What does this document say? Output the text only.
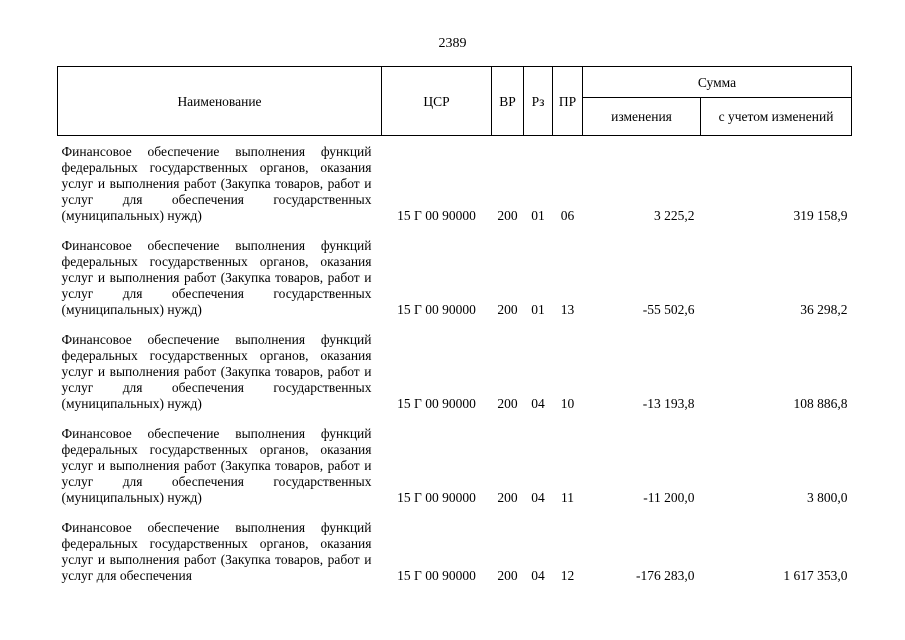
2389
Наименование	ЦСР	ВР	Рз	ПР	Сумма	
					изменения	с учетом изменений

Финансовое обеспечение выполнения функций федеральных государственных органов, оказания услуг и выполнения работ (Закупка товаров, работ и услуг для обеспечения государственных (муниципальных) нужд)	15 Г 00 90000	200	01	06	3 225,2	319 158,9

Финансовое обеспечение выполнения функций федеральных государственных органов, оказания услуг и выполнения работ (Закупка товаров, работ и услуг для обеспечения государственных (муниципальных) нужд)	15 Г 00 90000	200	01	13	-55 502,6	36 298,2

Финансовое обеспечение выполнения функций федеральных государственных органов, оказания услуг и выполнения работ (Закупка товаров, работ и услуг для обеспечения государственных (муниципальных) нужд)	15 Г 00 90000	200	04	10	-13 193,8	108 886,8

Финансовое обеспечение выполнения функций федеральных государственных органов, оказания услуг и выполнения работ (Закупка товаров, работ и услуг для обеспечения государственных (муниципальных) нужд)	15 Г 00 90000	200	04	11	-11 200,0	3 800,0

Финансовое обеспечение выполнения функций федеральных государственных органов, оказания услуг и выполнения работ (Закупка товаров, работ и услуг для обеспечения	15 Г 00 90000	200	04	12	-176 283,0	1 617 353,0
